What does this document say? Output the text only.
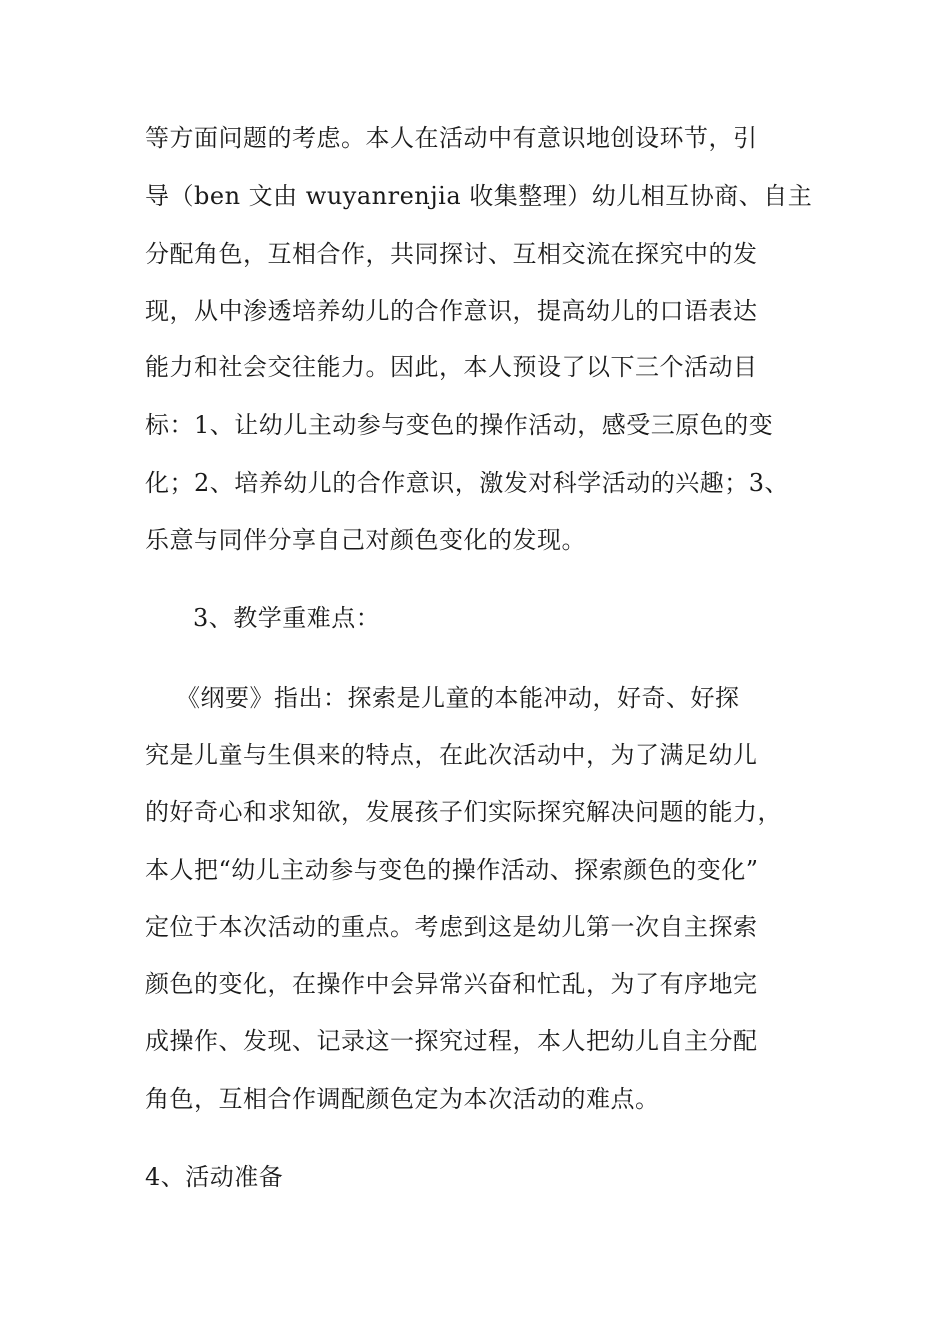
等方面问题的考虑。本人在活动中有意识地创设环节，引

导（ben 文由 wuyanrenjia 收集整理）幼儿相互协商、自主

分配角色，互相合作，共同探讨、互相交流在探究中的发

现，从中渗透培养幼儿的合作意识，提高幼儿的口语表达

能力和社会交往能力。因此，本人预设了以下三个活动目

标：1、让幼儿主动参与变色的操作活动，感受三原色的变

化；2、培养幼儿的合作意识，激发对科学活动的兴趣；3、

乐意与同伴分享自己对颜色变化的发现。

3、教学重难点：

《纲要》指出：探索是儿童的本能冲动，好奇、好探

究是儿童与生俱来的特点，在此次活动中，为了满足幼儿

的好奇心和求知欲，发展孩子们实际探究解决问题的能力，

本人把“幼儿主动参与变色的操作活动、探索颜色的变化”

定位于本次活动的重点。考虑到这是幼儿第一次自主探索

颜色的变化，在操作中会异常兴奋和忙乱，为了有序地完

成操作、发现、记录这一探究过程，本人把幼儿自主分配

角色，互相合作调配颜色定为本次活动的难点。

4、活动准备
